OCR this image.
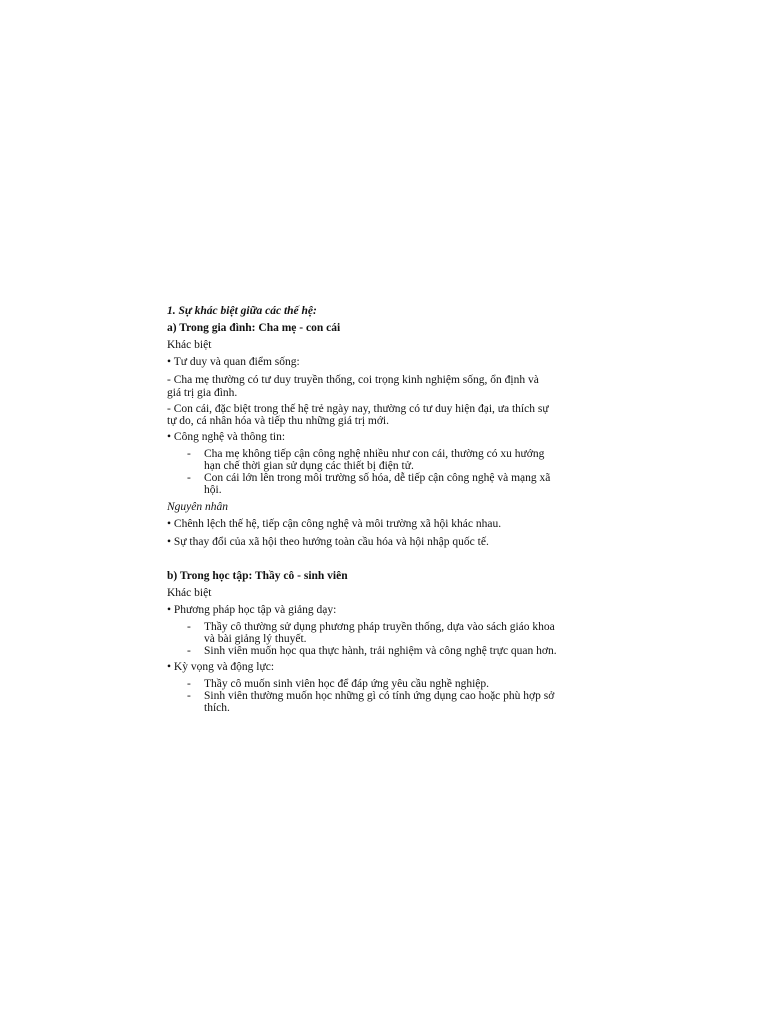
1. Sự khác biệt giữa các thế hệ:
a) Trong gia đình: Cha mẹ - con cái
Khác biệt
• Tư duy và quan điểm sống:
- Cha mẹ thường có tư duy truyền thống, coi trọng kinh nghiệm sống, ổn định và
giá trị gia đình.
- Con cái, đặc biệt trong thế hệ trẻ ngày nay, thường có tư duy hiện đại, ưa thích sự
tự do, cá nhân hóa và tiếp thu những giá trị mới.
• Công nghệ và thông tin:
- Cha mẹ không tiếp cận công nghệ nhiều như con cái, thường có xu hướng
hạn chế thời gian sử dụng các thiết bị điện tử.
- Con cái lớn lên trong môi trường số hóa, dễ tiếp cận công nghệ và mạng xã
hội.
Nguyên nhân
• Chênh lệch thế hệ, tiếp cận công nghệ và môi trường xã hội khác nhau.
• Sự thay đổi của xã hội theo hướng toàn cầu hóa và hội nhập quốc tế.
b) Trong học tập: Thầy cô - sinh viên
Khác biệt
• Phương pháp học tập và giảng dạy:
- Thầy cô thường sử dụng phương pháp truyền thống, dựa vào sách giáo khoa
và bài giảng lý thuyết.
- Sinh viên muốn học qua thực hành, trải nghiệm và công nghệ trực quan hơn.
• Kỳ vọng và động lực:
- Thầy cô muốn sinh viên học để đáp ứng yêu cầu nghề nghiệp.
- Sinh viên thường muốn học những gì có tính ứng dụng cao hoặc phù hợp sở
thích.
